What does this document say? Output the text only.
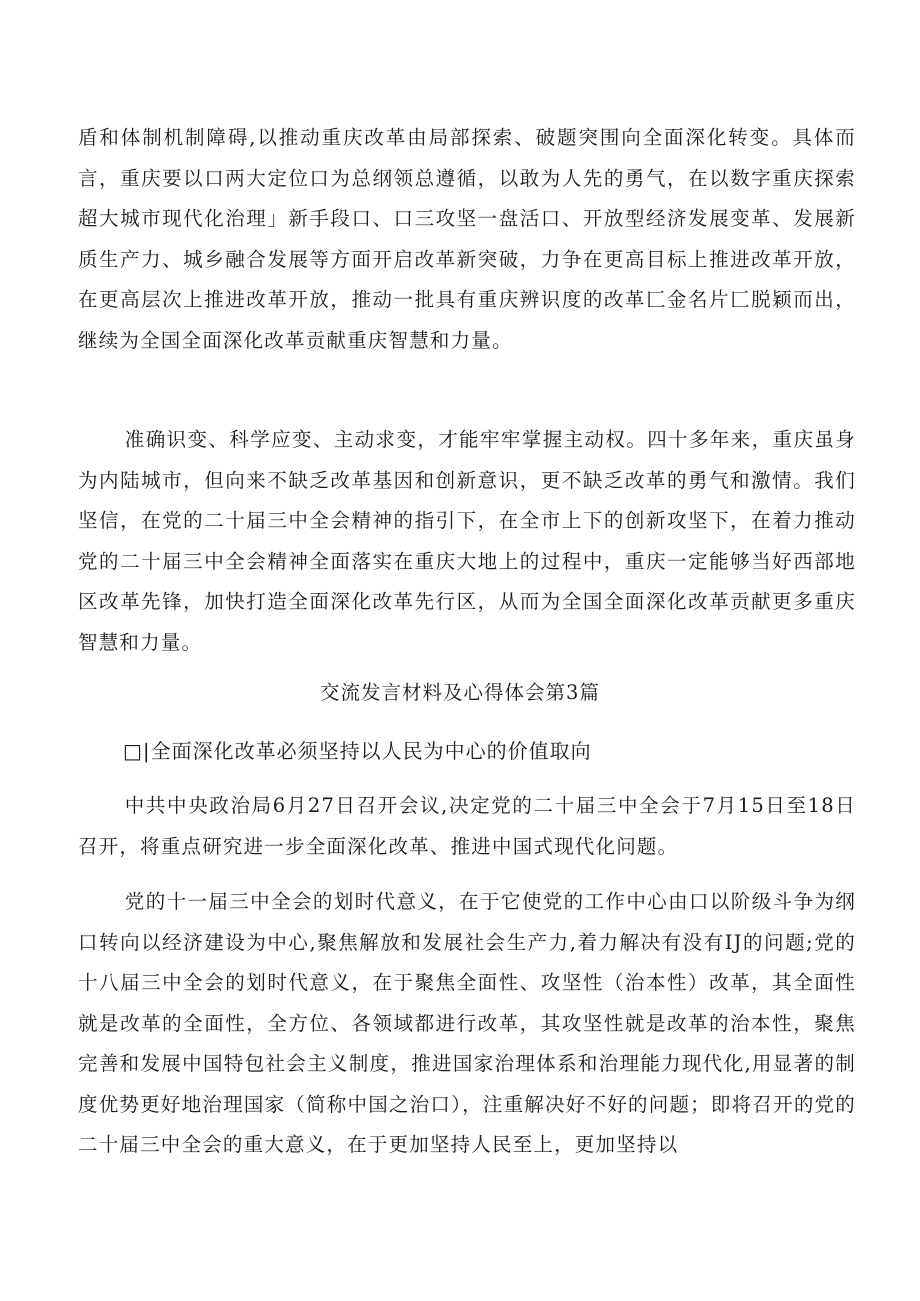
盾和体制机制障碍,以推动重庆改革由局部探索、破题突围向全面深化转变。具体而言，重庆要以口两大定位口为总纲领总遵循，以敢为人先的勇气，在以数字重庆探索超大城市现代化治理」新手段口、口三攻坚一盘活口、开放型经济发展变革、发展新质生产力、城乡融合发展等方面开启改革新突破，力争在更高目标上推进改革开放，在更高层次上推进改革开放，推动一批具有重庆辨识度的改革匚金名片匚脱颖而出，继续为全国全面深化改革贡献重庆智慧和力量。

准确识变、科学应变、主动求变，才能牢牢掌握主动权。四十多年来，重庆虽身为内陆城市，但向来不缺乏改革基因和创新意识，更不缺乏改革的勇气和激情。我们坚信，在党的二十届三中全会精神的指引下，在全市上下的创新攻坚下，在着力推动党的二十届三中全会精神全面落实在重庆大地上的过程中，重庆一定能够当好西部地区改革先锋，加快打造全面深化改革先行区，从而为全国全面深化改革贡献更多重庆智慧和力量。

交流发言材料及心得体会第3篇
□|全面深化改革必须坚持以人民为中心的价值取向

中共中央政治局6月27日召开会议,决定党的二十届三中全会于7月15日至18日召开，将重点研究进一步全面深化改革、推进中国式现代化问题。

党的十一届三中全会的划时代意义，在于它使党的工作中心由口以阶级斗争为纲口转向以经济建设为中心,聚焦解放和发展社会生产力,着力解决有没有IJ的问题;党的十八届三中全会的划时代意义，在于聚焦全面性、攻坚性（治本性）改革，其全面性就是改革的全面性，全方位、各领域都进行改革，其攻坚性就是改革的治本性，聚焦完善和发展中国特包社会主义制度，推进国家治理体系和治理能力现代化,用显著的制度优势更好地治理国家（简称中国之治口），注重解决好不好的问题；即将召开的党的二十届三中全会的重大意义，在于更加坚持人民至上，更加坚持以
